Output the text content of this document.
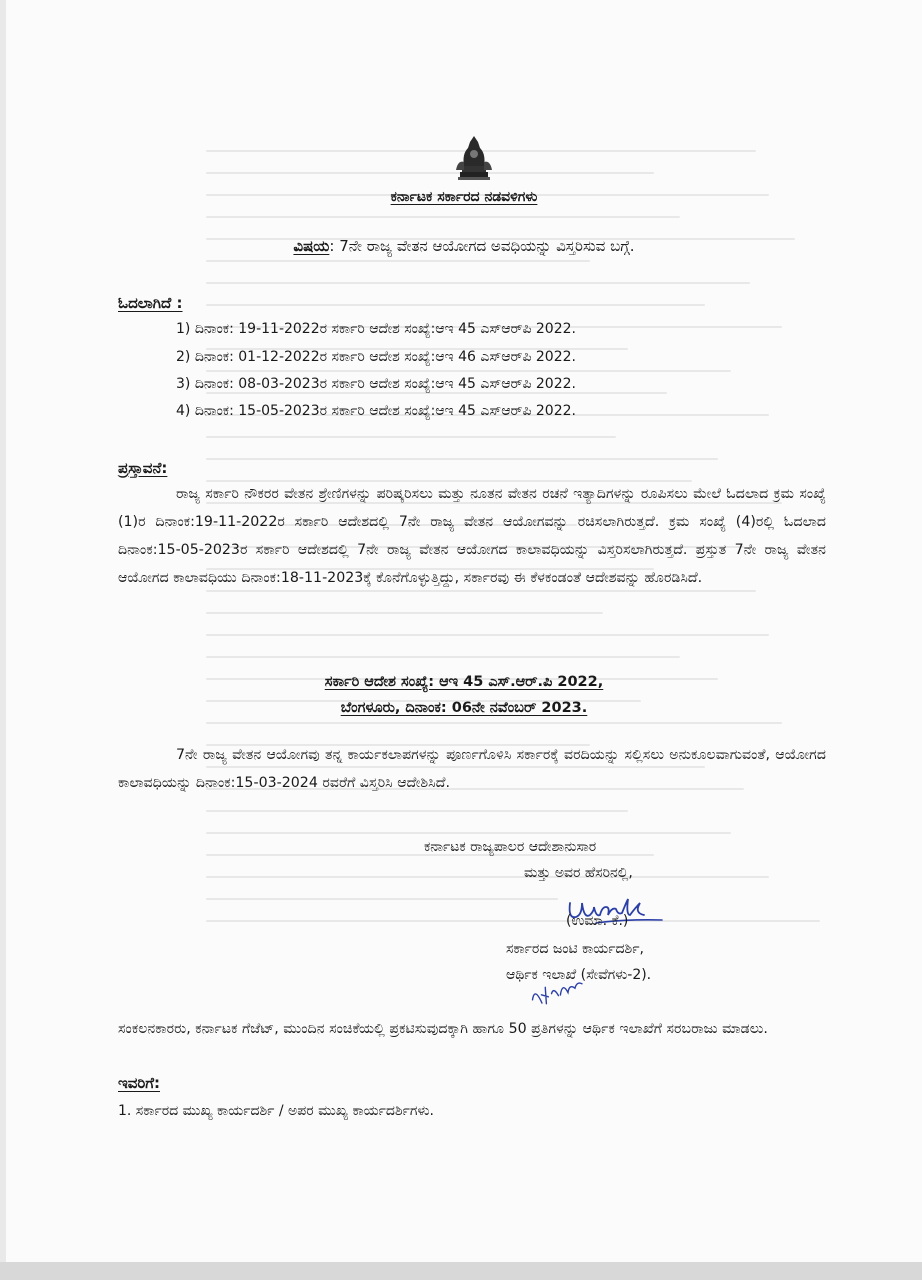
ಕರ್ನಾಟಕ ಸರ್ಕಾರದ ನಡವಳಿಗಳು
ವಿಷಯ: 7ನೇ ರಾಜ್ಯ ವೇತನ ಆಯೋಗದ ಅವಧಿಯನ್ನು ವಿಸ್ತರಿಸುವ ಬಗ್ಗೆ.
ಓದಲಾಗಿದೆ :
1) ದಿನಾಂಕ: 19-11-2022ರ ಸರ್ಕಾರಿ ಆದೇಶ ಸಂಖ್ಯೆ:ಆಇ 45 ಎಸ್‌ಆರ್‌ಪಿ 2022.
2) ದಿನಾಂಕ: 01-12-2022ರ ಸರ್ಕಾರಿ ಆದೇಶ ಸಂಖ್ಯೆ:ಆಇ 46 ಎಸ್‌ಆರ್‌ಪಿ 2022.
3) ದಿನಾಂಕ: 08-03-2023ರ ಸರ್ಕಾರಿ ಆದೇಶ ಸಂಖ್ಯೆ:ಆಇ 45 ಎಸ್‌ಆರ್‌ಪಿ 2022.
4) ದಿನಾಂಕ: 15-05-2023ರ ಸರ್ಕಾರಿ ಆದೇಶ ಸಂಖ್ಯೆ:ಆಇ 45 ಎಸ್‌ಆರ್‌ಪಿ 2022.
ಪ್ರಸ್ತಾವನೆ:
ರಾಜ್ಯ ಸರ್ಕಾರಿ ನೌಕರರ ವೇತನ ಶ್ರೇಣಿಗಳನ್ನು ಪರಿಷ್ಕರಿಸಲು ಮತ್ತು ನೂತನ ವೇತನ ರಚನೆ ಇತ್ಯಾದಿಗಳನ್ನು ರೂಪಿಸಲು ಮೇಲೆ ಓದಲಾದ ಕ್ರಮ ಸಂಖ್ಯೆ (1)ರ ದಿನಾಂಕ:19-11-2022ರ ಸರ್ಕಾರಿ ಆದೇಶದಲ್ಲಿ 7ನೇ ರಾಜ್ಯ ವೇತನ ಆಯೋಗವನ್ನು ರಚಿಸಲಾಗಿರುತ್ತದೆ. ಕ್ರಮ ಸಂಖ್ಯೆ (4)ರಲ್ಲಿ ಓದಲಾದ ದಿನಾಂಕ:15-05-2023ರ ಸರ್ಕಾರಿ ಆದೇಶದಲ್ಲಿ 7ನೇ ರಾಜ್ಯ ವೇತನ ಆಯೋಗದ ಕಾಲಾವಧಿಯನ್ನು ವಿಸ್ತರಿಸಲಾಗಿರುತ್ತದೆ. ಪ್ರಸ್ತುತ 7ನೇ ರಾಜ್ಯ ವೇತನ ಆಯೋಗದ ಕಾಲಾವಧಿಯು ದಿನಾಂಕ:18-11-2023ಕ್ಕೆ ಕೊನೆಗೊಳ್ಳುತ್ತಿದ್ದು, ಸರ್ಕಾರವು ಈ ಕೆಳಕಂಡಂತೆ ಆದೇಶವನ್ನು ಹೊರಡಿಸಿದೆ.
ಸರ್ಕಾರಿ ಆದೇಶ ಸಂಖ್ಯೆ: ಆಇ 45 ಎಸ್.ಆರ್.ಪಿ 2022,
ಬೆಂಗಳೂರು, ದಿನಾಂಕ: 06ನೇ ನವೆಂಬರ್ 2023.
7ನೇ ರಾಜ್ಯ ವೇತನ ಆಯೋಗವು ತನ್ನ ಕಾರ್ಯಕಲಾಪಗಳನ್ನು ಪೂರ್ಣಗೊಳಿಸಿ ಸರ್ಕಾರಕ್ಕೆ ವರದಿಯನ್ನು ಸಲ್ಲಿಸಲು ಅನುಕೂಲವಾಗುವಂತೆ, ಆಯೋಗದ ಕಾಲಾವಧಿಯನ್ನು ದಿನಾಂಕ:15-03-2024 ರವರೆಗೆ ವಿಸ್ತರಿಸಿ ಆದೇಶಿಸಿದೆ.
ಕರ್ನಾಟಕ ರಾಜ್ಯಪಾಲರ ಆದೇಶಾನುಸಾರ
ಮತ್ತು ಅವರ ಹೆಸರಿನಲ್ಲಿ,
(ಉಮಾ. ಕೆ.)
ಸರ್ಕಾರದ ಜಂಟಿ ಕಾರ್ಯದರ್ಶಿ,
ಆರ್ಥಿಕ ಇಲಾಖೆ (ಸೇವೆಗಳು-2).
ಸಂಕಲನಕಾರರು, ಕರ್ನಾಟಕ ಗೆಜೆಟ್, ಮುಂದಿನ ಸಂಚಿಕೆಯಲ್ಲಿ ಪ್ರಕಟಿಸುವುದಕ್ಕಾಗಿ ಹಾಗೂ 50 ಪ್ರತಿಗಳನ್ನು ಆರ್ಥಿಕ ಇಲಾಖೆಗೆ ಸರಬರಾಜು ಮಾಡಲು.
ಇವರಿಗೆ:
1. ಸರ್ಕಾರದ ಮುಖ್ಯ ಕಾರ್ಯದರ್ಶಿ / ಅಪರ ಮುಖ್ಯ ಕಾರ್ಯದರ್ಶಿಗಳು.
